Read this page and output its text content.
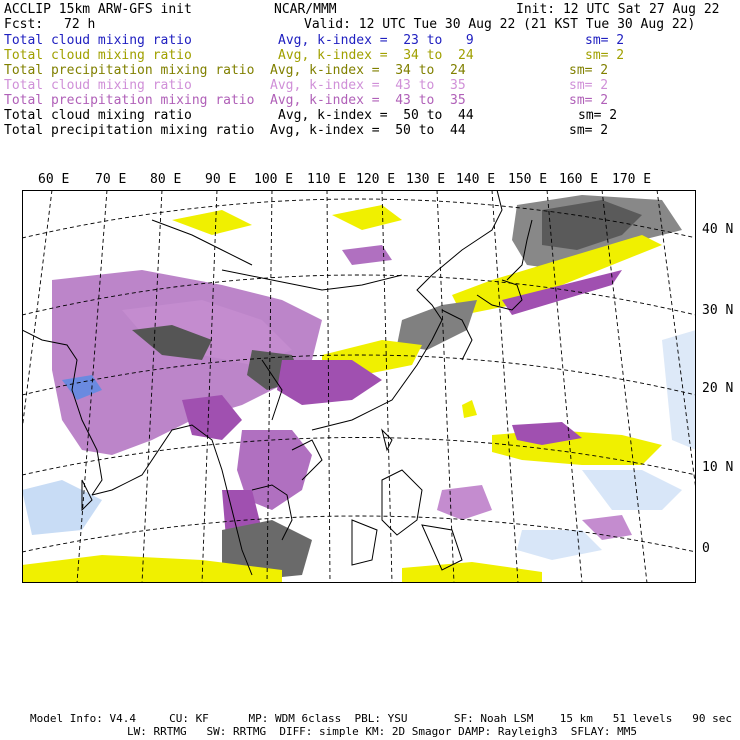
ACCLIP 15km ARW-GFS init	NCAR/MMM	Init: 12 UTC Sat 27 Aug 22
Fcst: 72 h	Valid: 12 UTC Tue 30 Aug 22 (21 KST Tue 30 Aug 22)
Total cloud mixing ratio	Avg, k-index =  23 to   9	sm= 2
Total cloud mixing ratio	Avg, k-index =  34 to  24	sm= 2
Total precipitation mixing ratio Avg, k-index =  34 to  24	sm= 2
Total cloud mixing ratio	Avg, k-index =  43 to  35	sm= 2
Total precipitation mixing ratio Avg, k-index =  43 to  35	sm= 2
Total cloud mixing ratio	Avg, k-index =  50 to  44	sm= 2
Total precipitation mixing ratio Avg, k-index =  50 to  44	sm= 2
60 E 70 E 80 E 90 E 100 E 110 E 120 E 130 E 140 E 150 E 160 E 170 E
40 N
30 N
20 N
10 N
0
Model Info: V4.4     CU: KF      MP: WDM 6class  PBL: YSU       SF: Noah LSM    15 km   51 levels   90 sec
LW: RRTMG   SW: RRTMG  DIFF: simple KM: 2D Smagor DAMP: Rayleigh3  SFLAY: MM5
